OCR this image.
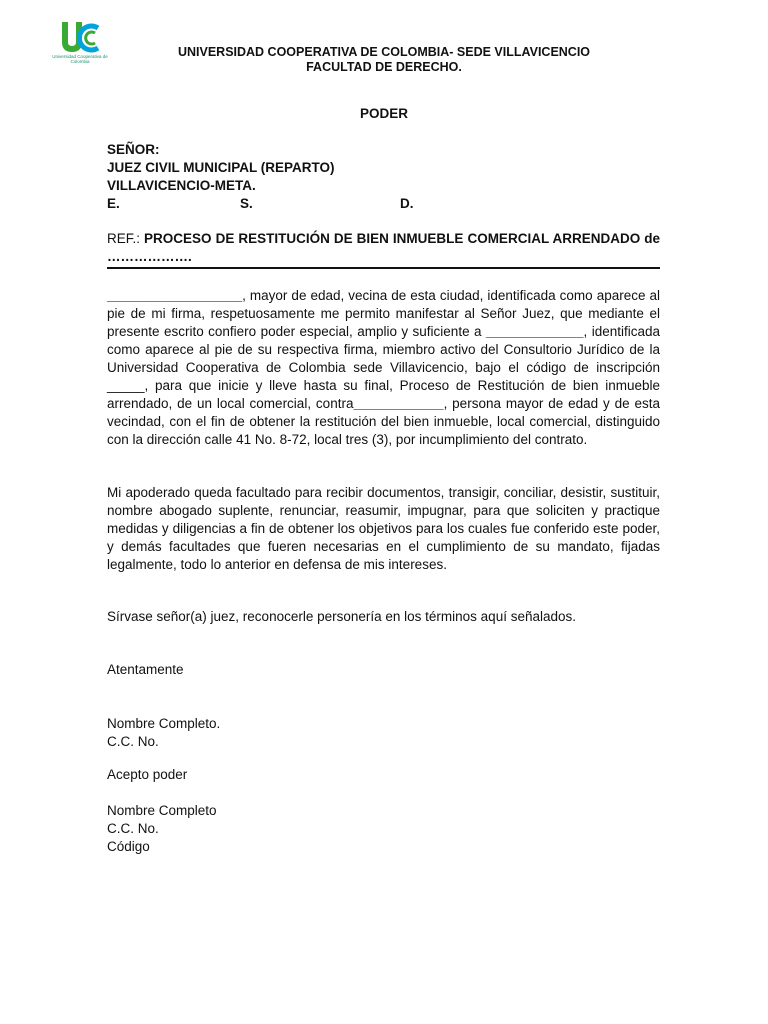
Universidad Cooperativa de Colombia
UNIVERSIDAD COOPERATIVA DE COLOMBIA- SEDE VILLAVICENCIO
FACULTAD DE DERECHO.
PODER
SEÑOR:
JUEZ CIVIL MUNICIPAL (REPARTO)
VILLAVICENCIO-META.
E.	S.	D.
REF.: PROCESO DE RESTITUCIÓN DE BIEN INMUEBLE COMERCIAL ARRENDADO de ……………….

__________________, mayor de edad, vecina de esta ciudad, identificada como aparece al pie de mi firma, respetuosamente me permito manifestar al Señor Juez, que mediante el presente escrito confiero poder especial, amplio y suficiente a _____________, identificada como aparece al pie de su respectiva firma, miembro activo del Consultorio Jurídico de la Universidad Cooperativa de Colombia sede Villavicencio, bajo el código de inscripción _____, para que inicie y lleve hasta su final, Proceso de Restitución de bien inmueble arrendado, de un local comercial, contra____________, persona mayor de edad y de esta vecindad, con el fin de obtener la restitución del bien inmueble, local comercial, distinguido con la dirección calle 41 No. 8-72, local tres (3), por incumplimiento del contrato.

Mi apoderado queda facultado para recibir documentos, transigir, conciliar, desistir, sustituir, nombre abogado suplente, renunciar, reasumir, impugnar, para que soliciten y practique medidas y diligencias a fin de obtener los objetivos para los cuales fue conferido este poder, y demás facultades que fueren necesarias en el cumplimiento de su mandato, fijadas legalmente, todo lo anterior en defensa de mis intereses.

Sírvase señor(a) juez, reconocerle personería en los términos aquí señalados.

Atentamente
Nombre Completo.
C.C. No.
Acepto poder
Nombre Completo
C.C. No.
Código
